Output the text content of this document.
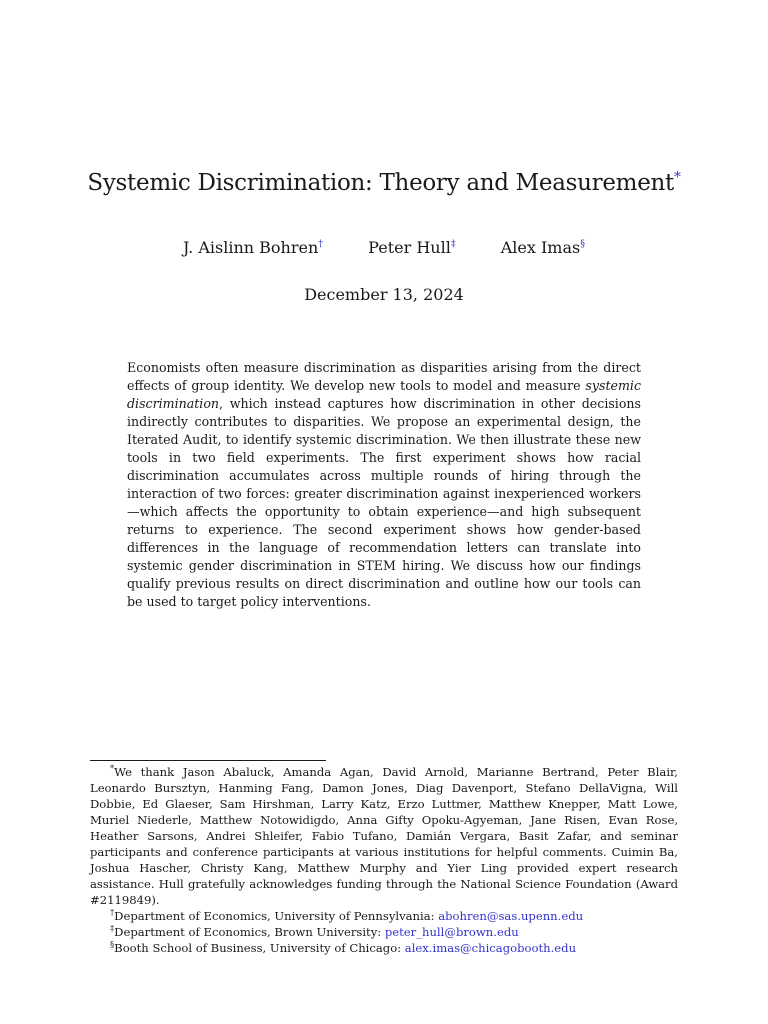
Systemic Discrimination: Theory and Measurement*
J. Aislinn Bohren†	Peter Hull‡	Alex Imas§
December 13, 2024

Economists often measure discrimination as disparities arising from the direct effects of group identity. We develop new tools to model and measure systemic discrimination, which instead captures how discrimination in other decisions indirectly contributes to disparities. We propose an experimental design, the Iterated Audit, to identify systemic discrimination. We then illustrate these new tools in two field experiments. The first experiment shows how racial discrimination accumulates across multiple rounds of hiring through the interaction of two forces: greater discrimination against inexperienced workers—which affects the opportunity to obtain experience—and high subsequent returns to experience. The second experiment shows how gender-based differences in the language of recommendation letters can translate into systemic gender discrimination in STEM hiring. We discuss how our findings qualify previous results on direct discrimination and outline how our tools can be used to target policy interventions.

*We thank Jason Abaluck, Amanda Agan, David Arnold, Marianne Bertrand, Peter Blair, Leonardo Bursztyn, Hanming Fang, Damon Jones, Diag Davenport, Stefano DellaVigna, Will Dobbie, Ed Glaeser, Sam Hirshman, Larry Katz, Erzo Luttmer, Matthew Knepper, Matt Lowe, Muriel Niederle, Matthew Notowidigdo, Anna Gifty Opoku-Agyeman, Jane Risen, Evan Rose, Heather Sarsons, Andrei Shleifer, Fabio Tufano, Damián Vergara, Basit Zafar, and seminar participants and conference participants at various institutions for helpful comments. Cuimin Ba, Joshua Hascher, Christy Kang, Matthew Murphy and Yier Ling provided expert research assistance. Hull gratefully acknowledges funding through the National Science Foundation (Award #2119849).

†Department of Economics, University of Pennsylvania: abohren@sas.upenn.edu

‡Department of Economics, Brown University: peter_hull@brown.edu

§Booth School of Business, University of Chicago: alex.imas@chicagobooth.edu
